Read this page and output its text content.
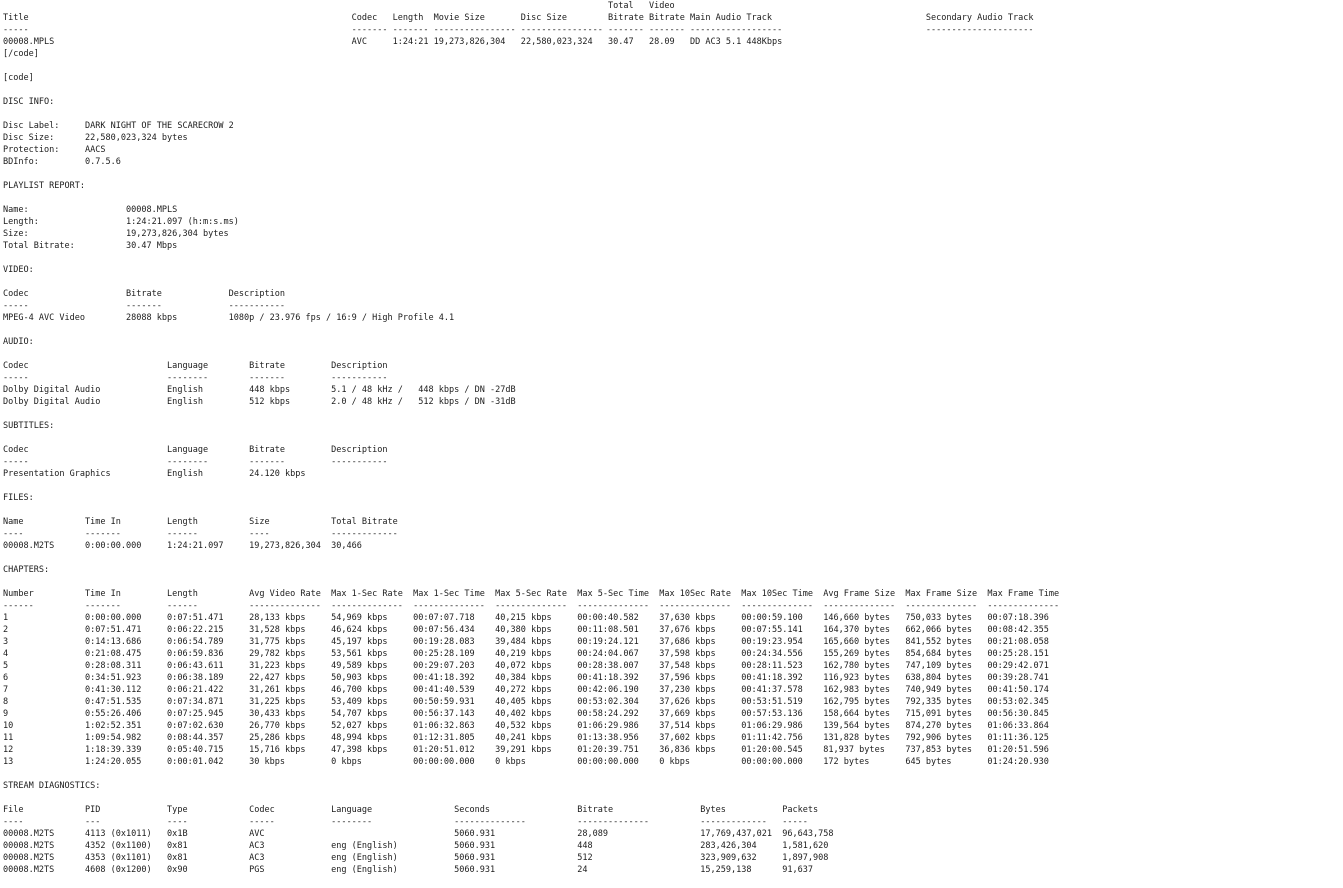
Total   Video
Title                                                               Codec   Length  Movie Size       Disc Size        Bitrate Bitrate Main Audio Track                              Secondary Audio Track
-----                                                               ------- ------- ---------------- ---------------- ------- ------- ------------------                            ---------------------
00008.MPLS                                                          AVC     1:24:21 19,273,826,304   22,580,023,324   30.47   28.09   DD AC3 5.1 448Kbps
[/code]
[code]
DISC INFO:
Disc Label:     DARK NIGHT OF THE SCARECROW 2
Disc Size:      22,580,023,324 bytes
Protection:     AACS
BDInfo:         0.7.5.6
PLAYLIST REPORT:
Name:                   00008.MPLS
Length:                 1:24:21.097 (h:m:s.ms)
Size:                   19,273,826,304 bytes
Total Bitrate:          30.47 Mbps
VIDEO:
Codec                   Bitrate             Description
-----                   -------             -----------
MPEG-4 AVC Video        28088 kbps          1080p / 23.976 fps / 16:9 / High Profile 4.1
AUDIO:
Codec                           Language        Bitrate         Description
-----                           --------        -------         -----------
Dolby Digital Audio             English         448 kbps        5.1 / 48 kHz /   448 kbps / DN -27dB
Dolby Digital Audio             English         512 kbps        2.0 / 48 kHz /   512 kbps / DN -31dB
SUBTITLES:
Codec                           Language        Bitrate         Description
-----                           --------        -------         -----------
Presentation Graphics           English         24.120 kbps
FILES:
Name            Time In         Length          Size            Total Bitrate
----            -------         ------          ----            -------------
00008.M2TS      0:00:00.000     1:24:21.097     19,273,826,304  30,466
CHAPTERS:
Number          Time In         Length          Avg Video Rate  Max 1-Sec Rate  Max 1-Sec Time  Max 5-Sec Rate  Max 5-Sec Time  Max 10Sec Rate  Max 10Sec Time  Avg Frame Size  Max Frame Size  Max Frame Time
------          -------         ------          --------------  --------------  --------------  --------------  --------------  --------------  --------------  --------------  --------------  --------------
1               0:00:00.000     0:07:51.471     28,133 kbps     54,969 kbps     00:07:07.718    40,215 kbps     00:00:40.582    37,630 kbps     00:00:59.100    146,660 bytes   750,033 bytes   00:07:18.396
2               0:07:51.471     0:06:22.215     31,528 kbps     46,624 kbps     00:07:56.434    40,380 kbps     00:11:08.501    37,676 kbps     00:07:55.141    164,370 bytes   662,066 bytes   00:08:42.355
3               0:14:13.686     0:06:54.789     31,775 kbps     45,197 kbps     00:19:28.083    39,484 kbps     00:19:24.121    37,686 kbps     00:19:23.954    165,660 bytes   841,552 bytes   00:21:08.058
4               0:21:08.475     0:06:59.836     29,782 kbps     53,561 kbps     00:25:28.109    40,219 kbps     00:24:04.067    37,598 kbps     00:24:34.556    155,269 bytes   854,684 bytes   00:25:28.151
5               0:28:08.311     0:06:43.611     31,223 kbps     49,589 kbps     00:29:07.203    40,072 kbps     00:28:38.007    37,548 kbps     00:28:11.523    162,780 bytes   747,109 bytes   00:29:42.071
6               0:34:51.923     0:06:38.189     22,427 kbps     50,903 kbps     00:41:18.392    40,384 kbps     00:41:18.392    37,596 kbps     00:41:18.392    116,923 bytes   638,804 bytes   00:39:28.741
7               0:41:30.112     0:06:21.422     31,261 kbps     46,700 kbps     00:41:40.539    40,272 kbps     00:42:06.190    37,230 kbps     00:41:37.578    162,983 bytes   740,949 bytes   00:41:50.174
8               0:47:51.535     0:07:34.871     31,225 kbps     53,409 kbps     00:50:59.931    40,405 kbps     00:53:02.304    37,626 kbps     00:53:51.519    162,795 bytes   792,335 bytes   00:53:02.345
9               0:55:26.406     0:07:25.945     30,433 kbps     54,707 kbps     00:56:37.143    40,402 kbps     00:58:24.292    37,669 kbps     00:57:53.136    158,664 bytes   715,091 bytes   00:56:30.845
10              1:02:52.351     0:07:02.630     26,770 kbps     52,027 kbps     01:06:32.863    40,532 kbps     01:06:29.986    37,514 kbps     01:06:29.986    139,564 bytes   874,270 bytes   01:06:33.864
11              1:09:54.982     0:08:44.357     25,286 kbps     48,994 kbps     01:12:31.805    40,241 kbps     01:13:38.956    37,602 kbps     01:11:42.756    131,828 bytes   792,906 bytes   01:11:36.125
12              1:18:39.339     0:05:40.715     15,716 kbps     47,398 kbps     01:20:51.012    39,291 kbps     01:20:39.751    36,836 kbps     01:20:00.545    81,937 bytes    737,853 bytes   01:20:51.596
13              1:24:20.055     0:00:01.042     30 kbps         0 kbps          00:00:00.000    0 kbps          00:00:00.000    0 kbps          00:00:00.000    172 bytes       645 bytes       01:24:20.930
STREAM DIAGNOSTICS:
File            PID             Type            Codec           Language                Seconds                 Bitrate                 Bytes           Packets
----            ---             ----            -----           --------                --------------          --------------          -------------   -----
00008.M2TS      4113 (0x1011)   0x1B            AVC                                     5060.931                28,089                  17,769,437,021  96,643,758
00008.M2TS      4352 (0x1100)   0x81            AC3             eng (English)           5060.931                448                     283,426,304     1,581,620
00008.M2TS      4353 (0x1101)   0x81            AC3             eng (English)           5060.931                512                     323,909,632     1,897,908
00008.M2TS      4608 (0x1200)   0x90            PGS             eng (English)           5060.931                24                      15,259,138      91,637
